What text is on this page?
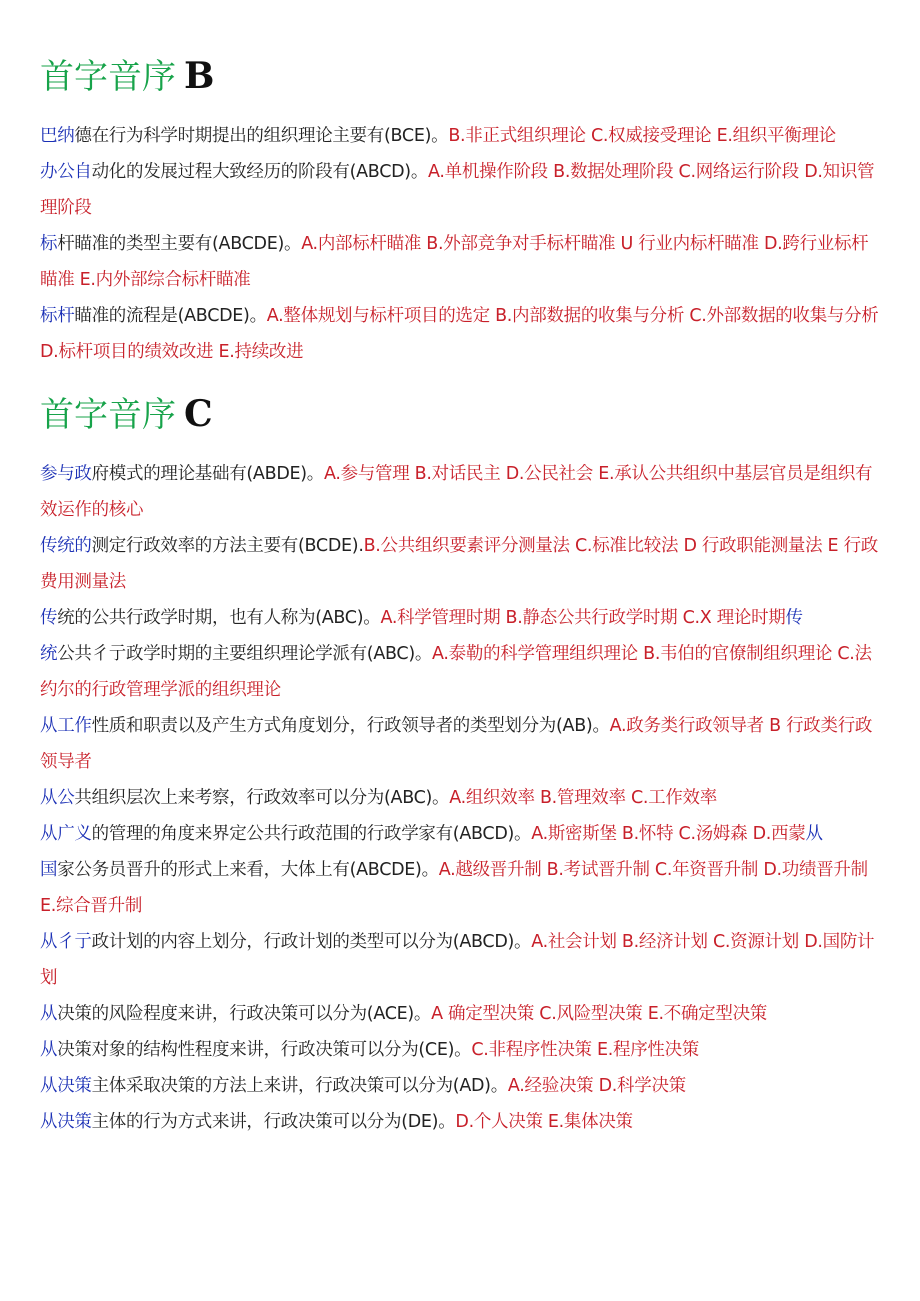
首字音序 B

巴纳德在行为科学时期提出的组织理论主要有(BCE)。B.非正式组织理论 C.权威接受理论 E.组织平衡理论

办公自动化的发展过程大致经历的阶段有(ABCD)。A.单机操作阶段 B.数据处理阶段 C.网络运行阶段 D.知识管理阶段

标杆瞄准的类型主要有(ABCDE)。A.内部标杆瞄准 B.外部竞争对手标杆瞄准 U 行业内标杆瞄准 D.跨行业标杆瞄准 E.内外部综合标杆瞄准

标杆瞄准的流程是(ABCDE)。A.整体规划与标杆项目的选定 B.内部数据的收集与分析 C.外部数据的收集与分析 D.标杆项目的绩效改进 E.持续改进

首字音序 C

参与政府模式的理论基础有(ABDE)。A.参与管理 B.对话民主 D.公民社会 E.承认公共组织中基层官员是组织有效运作的核心

传统的测定行政效率的方法主要有(BCDE).B.公共组织要素评分测量法 C.标准比较法 D 行政职能测量法 E 行政费用测量法

传统的公共行政学时期，也有人称为(ABC)。A.科学管理时期 B.静态公共行政学时期 C.X 理论时期传

统公共彳亍政学时期的主要组织理论学派有(ABC)。A.泰勒的科学管理组织理论 B.韦伯的官僚制组织理论 C.法约尔的行政管理学派的组织理论

从工作性质和职责以及产生方式角度划分，行政领导者的类型划分为(AB)。A.政务类行政领导者 B 行政类行政领导者

从公共组织层次上来考察，行政效率可以分为(ABC)。A.组织效率 B.管理效率 C.工作效率

从广义的管理的角度来界定公共行政范围的行政学家有(ABCD)。A.斯密斯堡 B.怀特 C.汤姆森 D.西蒙从

国家公务员晋升的形式上来看，大体上有(ABCDE)。A.越级晋升制 B.考试晋升制 C.年资晋升制 D.功绩晋升制 E.综合晋升制

从彳亍政计划的内容上划分，行政计划的类型可以分为(ABCD)。A.社会计划 B.经济计划 C.资源计划 D.国防计划

从决策的风险程度来讲，行政决策可以分为(ACE)。A 确定型决策 C.风险型决策 E.不确定型决策

从决策对象的结构性程度来讲，行政决策可以分为(CE)。C.非程序性决策 E.程序性决策

从决策主体采取决策的方法上来讲，行政决策可以分为(AD)。A.经验决策 D.科学决策

从决策主体的行为方式来讲，行政决策可以分为(DE)。D.个人决策 E.集体决策
